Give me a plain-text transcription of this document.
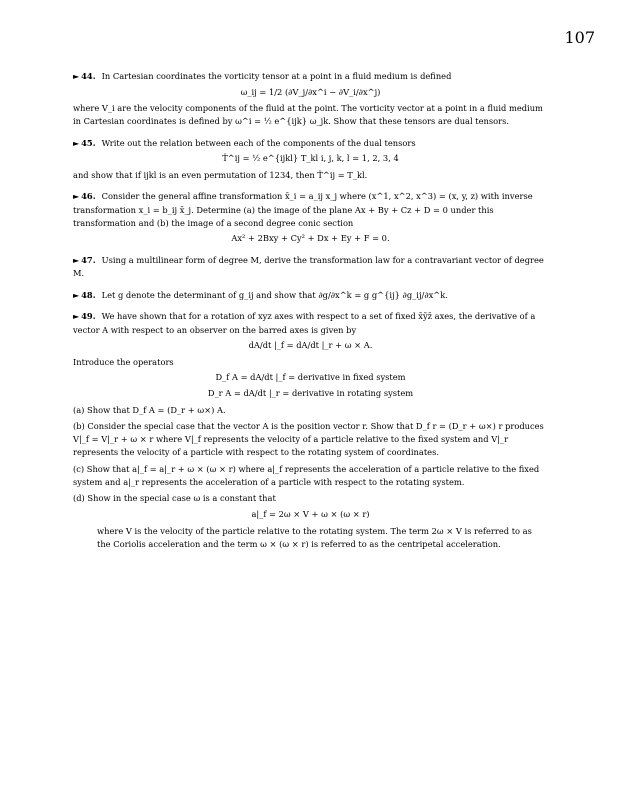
107
► 44. In Cartesian coordinates the vorticity tensor at a point in a fluid medium is defined
ω_ij = 1/2 (∂V_j/∂x^i − ∂V_i/∂x^j)
where V_i are the velocity components of the fluid at the point. The vorticity vector at a point in a fluid medium in Cartesian coordinates is defined by ω^i = ½ e^{ijk} ω_jk. Show that these tensors are dual tensors.
► 45. Write out the relation between each of the components of the dual tensors
T̂^ij = ½ e^{ijkl} T_kl i, j, k, l = 1, 2, 3, 4
and show that if ijkl is an even permutation of 1234, then T̂^ij = T_kl.
► 46. Consider the general affine transformation x̄_i = a_ij x_j where (x^1, x^2, x^3) = (x, y, z) with inverse transformation x_i = b_ij x̄_j. Determine (a) the image of the plane Ax + By + Cz + D = 0 under this transformation and (b) the image of a second degree conic section
Ax² + 2Bxy + Cy² + Dx + Ey + F = 0.
► 47. Using a multilinear form of degree M, derive the transformation law for a contravariant vector of degree M.
► 48. Let g denote the determinant of g_ij and show that ∂g/∂x^k = g g^{ij} ∂g_ij/∂x^k.
► 49. We have shown that for a rotation of xyz axes with respect to a set of fixed x̄ȳz̄ axes, the derivative of a vector A with respect to an observer on the barred axes is given by
dA/dt |_f = dA/dt |_r + ω × A.
Introduce the operators
D_f A = dA/dt |_f = derivative in fixed system
D_r A = dA/dt |_r = derivative in rotating system
(a) Show that D_f A = (D_r + ω×) A.
(b) Consider the special case that the vector A is the position vector r. Show that D_f r = (D_r + ω×) r produces V|_f = V|_r + ω × r where V|_f represents the velocity of a particle relative to the fixed system and V|_r represents the velocity of a particle with respect to the rotating system of coordinates.
(c) Show that a|_f = a|_r + ω × (ω × r) where a|_f represents the acceleration of a particle relative to the fixed system and a|_r represents the acceleration of a particle with respect to the rotating system.
(d) Show in the special case ω is a constant that
a|_f = 2ω × V + ω × (ω × r)
where V is the velocity of the particle relative to the rotating system. The term 2ω × V is referred to as the Coriolis acceleration and the term ω × (ω × r) is referred to as the centripetal acceleration.
